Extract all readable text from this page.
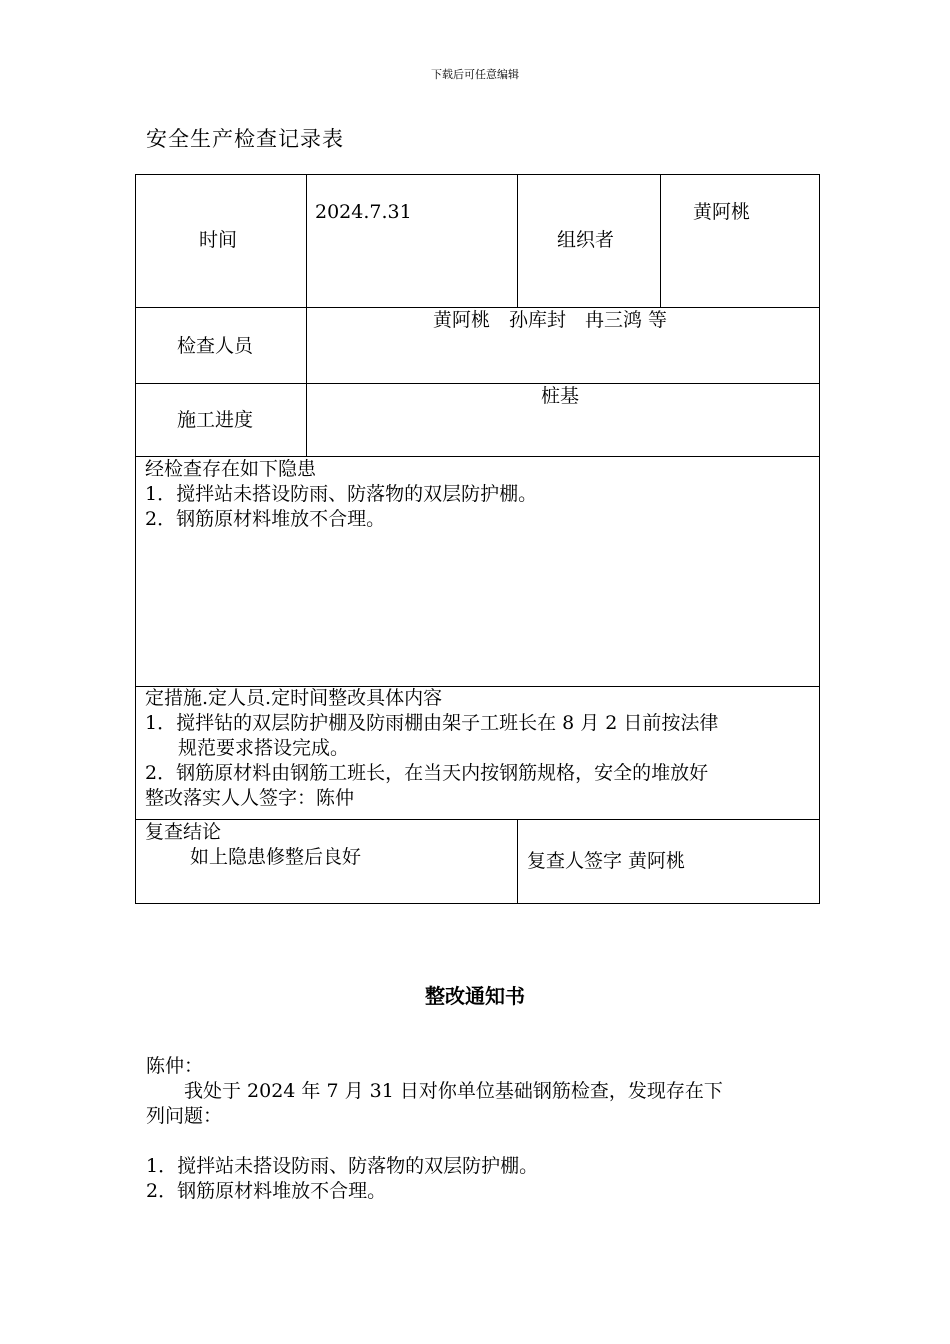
下载后可任意编辑
安全生产检查记录表
时间
2024.7.31
组织者
黄阿桃
检查人员
黄阿桃　孙库封　冉三鸿 等
施工进度
桩基
经检查存在如下隐患
1．搅拌站未搭设防雨、防落物的双层防护棚。
2．钢筋原材料堆放不合理。
定措施.定人员.定时间整改具体内容
1．搅拌钻的双层防护棚及防雨棚由架子工班长在 8 月 2 日前按法律
　 规范要求搭设完成。
2．钢筋原材料由钢筋工班长，在当天内按钢筋规格，安全的堆放好
整改落实人人签字：陈仲
复查结论
如上隐患修整后良好	复查人签字 黄阿桃
整改通知书
陈仲：
　　我处于 2024 年 7 月 31 日对你单位基础钢筋检查，发现存在下
列问题：
1．搅拌站未搭设防雨、防落物的双层防护棚。
2．钢筋原材料堆放不合理。
